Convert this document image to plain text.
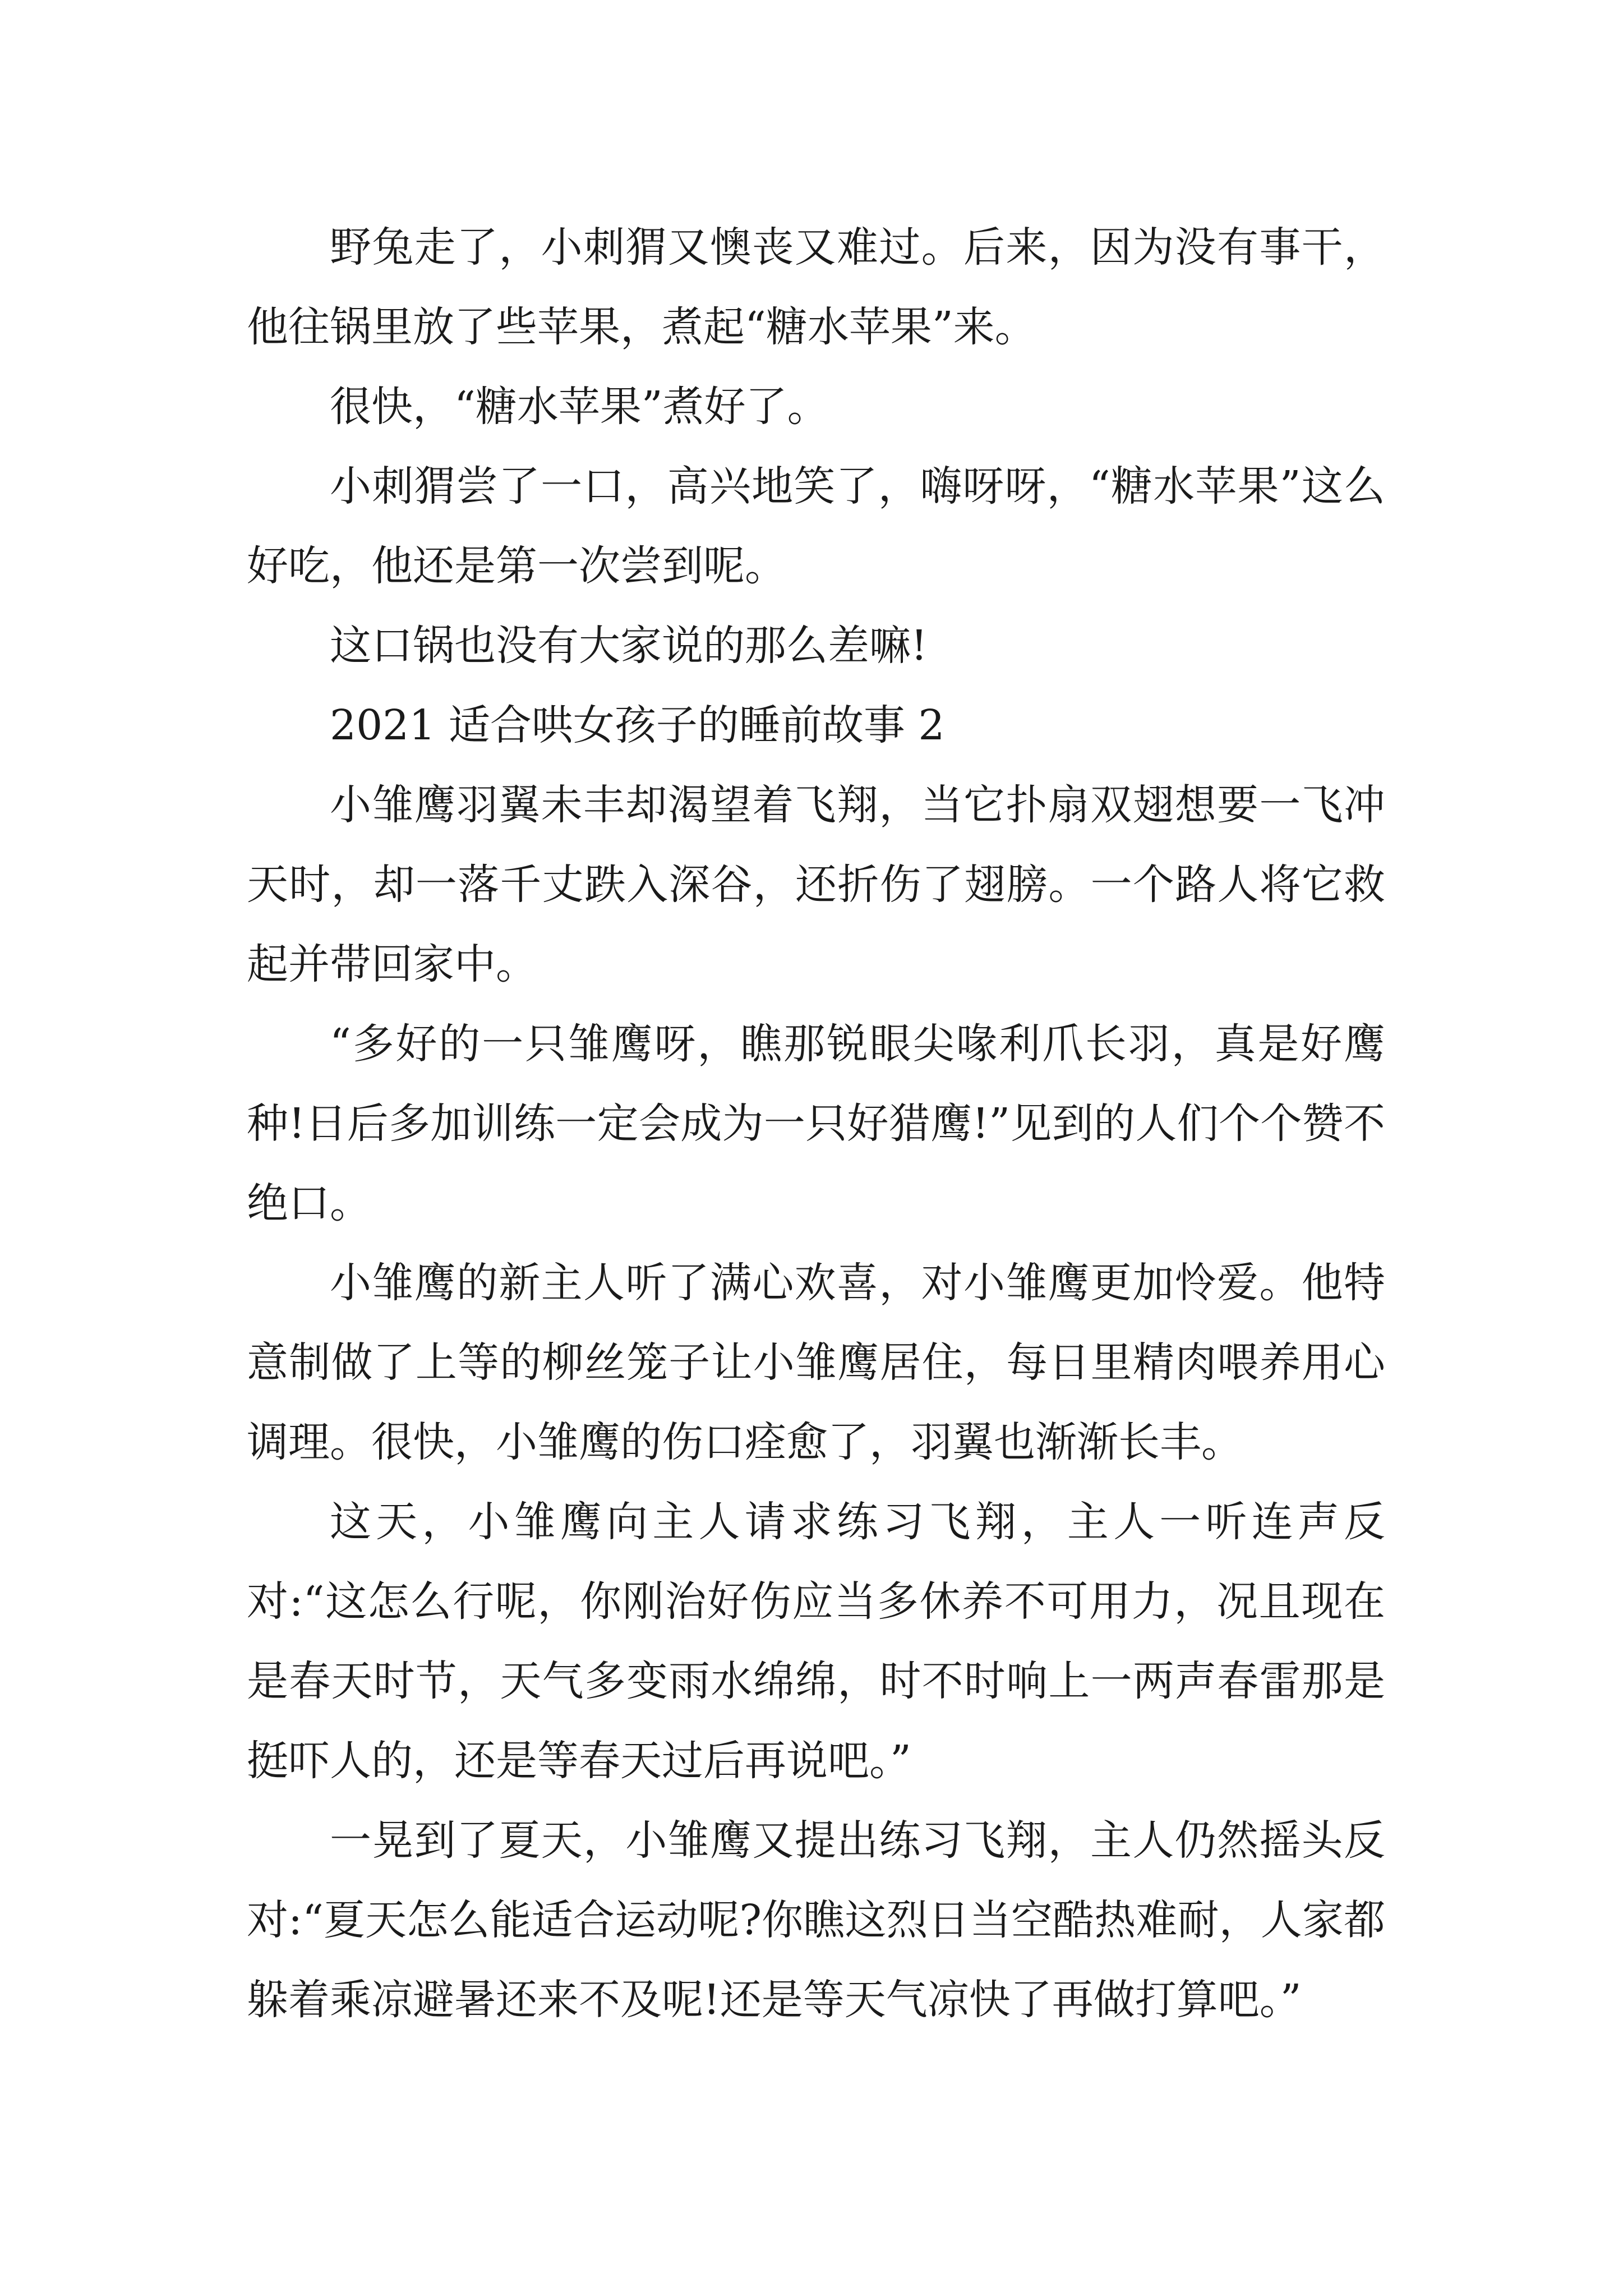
野兔走了，小刺猬又懊丧又难过。后来，因为没有事干，他往锅里放了些苹果，煮起“糖水苹果”来。

很快，“糖水苹果”煮好了。

小刺猬尝了一口，高兴地笑了，嗨呀呀，“糖水苹果”这么好吃，他还是第一次尝到呢。

这口锅也没有大家说的那么差嘛!

2021 适合哄女孩子的睡前故事 2

小雏鹰羽翼未丰却渴望着飞翔，当它扑扇双翅想要一飞冲天时，却一落千丈跌入深谷，还折伤了翅膀。一个路人将它救起并带回家中。

“多好的一只雏鹰呀，瞧那锐眼尖喙利爪长羽，真是好鹰种!日后多加训练一定会成为一只好猎鹰!”见到的人们个个赞不绝口。

小雏鹰的新主人听了满心欢喜，对小雏鹰更加怜爱。他特意制做了上等的柳丝笼子让小雏鹰居住，每日里精肉喂养用心调理。很快，小雏鹰的伤口痊愈了，羽翼也渐渐长丰。

这天，小雏鹰向主人请求练习飞翔，主人一听连声反对:“这怎么行呢，你刚治好伤应当多休养不可用力，况且现在是春天时节，天气多变雨水绵绵，时不时响上一两声春雷那是挺吓人的，还是等春天过后再说吧。”

一晃到了夏天，小雏鹰又提出练习飞翔，主人仍然摇头反对:“夏天怎么能适合运动呢?你瞧这烈日当空酷热难耐，人家都躲着乘凉避暑还来不及呢!还是等天气凉快了再做打算吧。”
